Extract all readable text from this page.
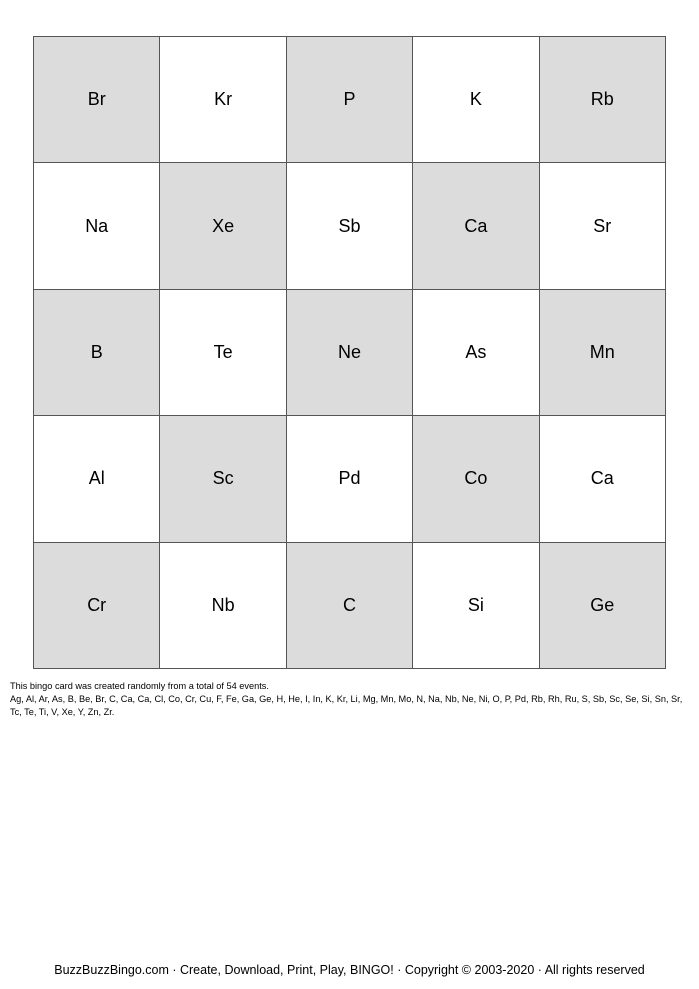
Br	Kr	P	K	Rb
Na	Xe	Sb	Ca	Sr
B	Te	Ne	As	Mn
Al	Sc	Pd	Co	Ca
Cr	Nb	C	Si	Ge
This bingo card was created randomly from a total of 54 events.
Ag, Al, Ar, As, B, Be, Br, C, Ca, Ca, Cl, Co, Cr, Cu, F, Fe, Ga, Ge, H, He, I, In, K, Kr, Li, Mg, Mn, Mo, N, Na, Nb, Ne, Ni, O, P, Pd, Rb, Rh, Ru, S, Sb, Sc, Se, Si, Sn, Sr, Tc, Te, Ti, V, Xe, Y, Zn, Zr.
BuzzBuzzBingo.com · Create, Download, Print, Play, BINGO! · Copyright © 2003-2020 · All rights reserved
